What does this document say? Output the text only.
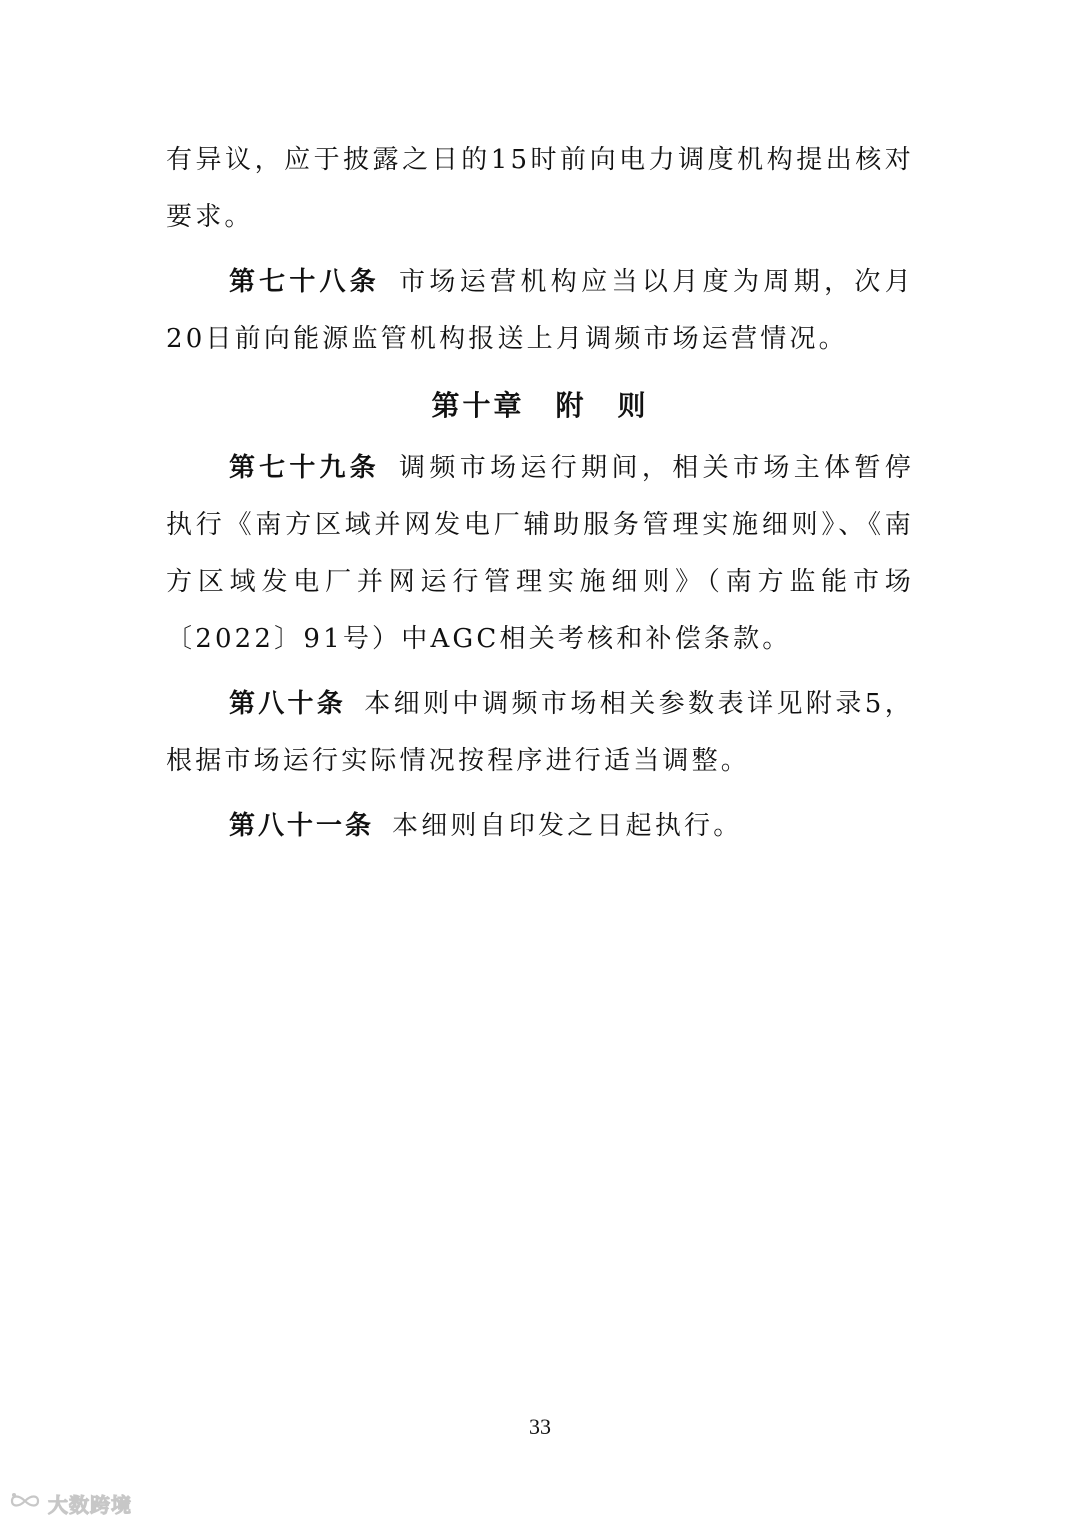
有异议，应于披露之日的15时前向电力调度机构提出核对要求。

第七十八条 市场运营机构应当以月度为周期，次月20日前向能源监管机构报送上月调频市场运营情况。

第十章　附　则

第七十九条 调频市场运行期间，相关市场主体暂停执行《南方区域并网发电厂辅助服务管理实施细则》、《南方区域发电厂并网运行管理实施细则》（南方监能市场〔2022〕91号）中AGC相关考核和补偿条款。

第八十条 本细则中调频市场相关参数表详见附录5，根据市场运行实际情况按程序进行适当调整。

第八十一条 本细则自印发之日起执行。

33
大数跨境
